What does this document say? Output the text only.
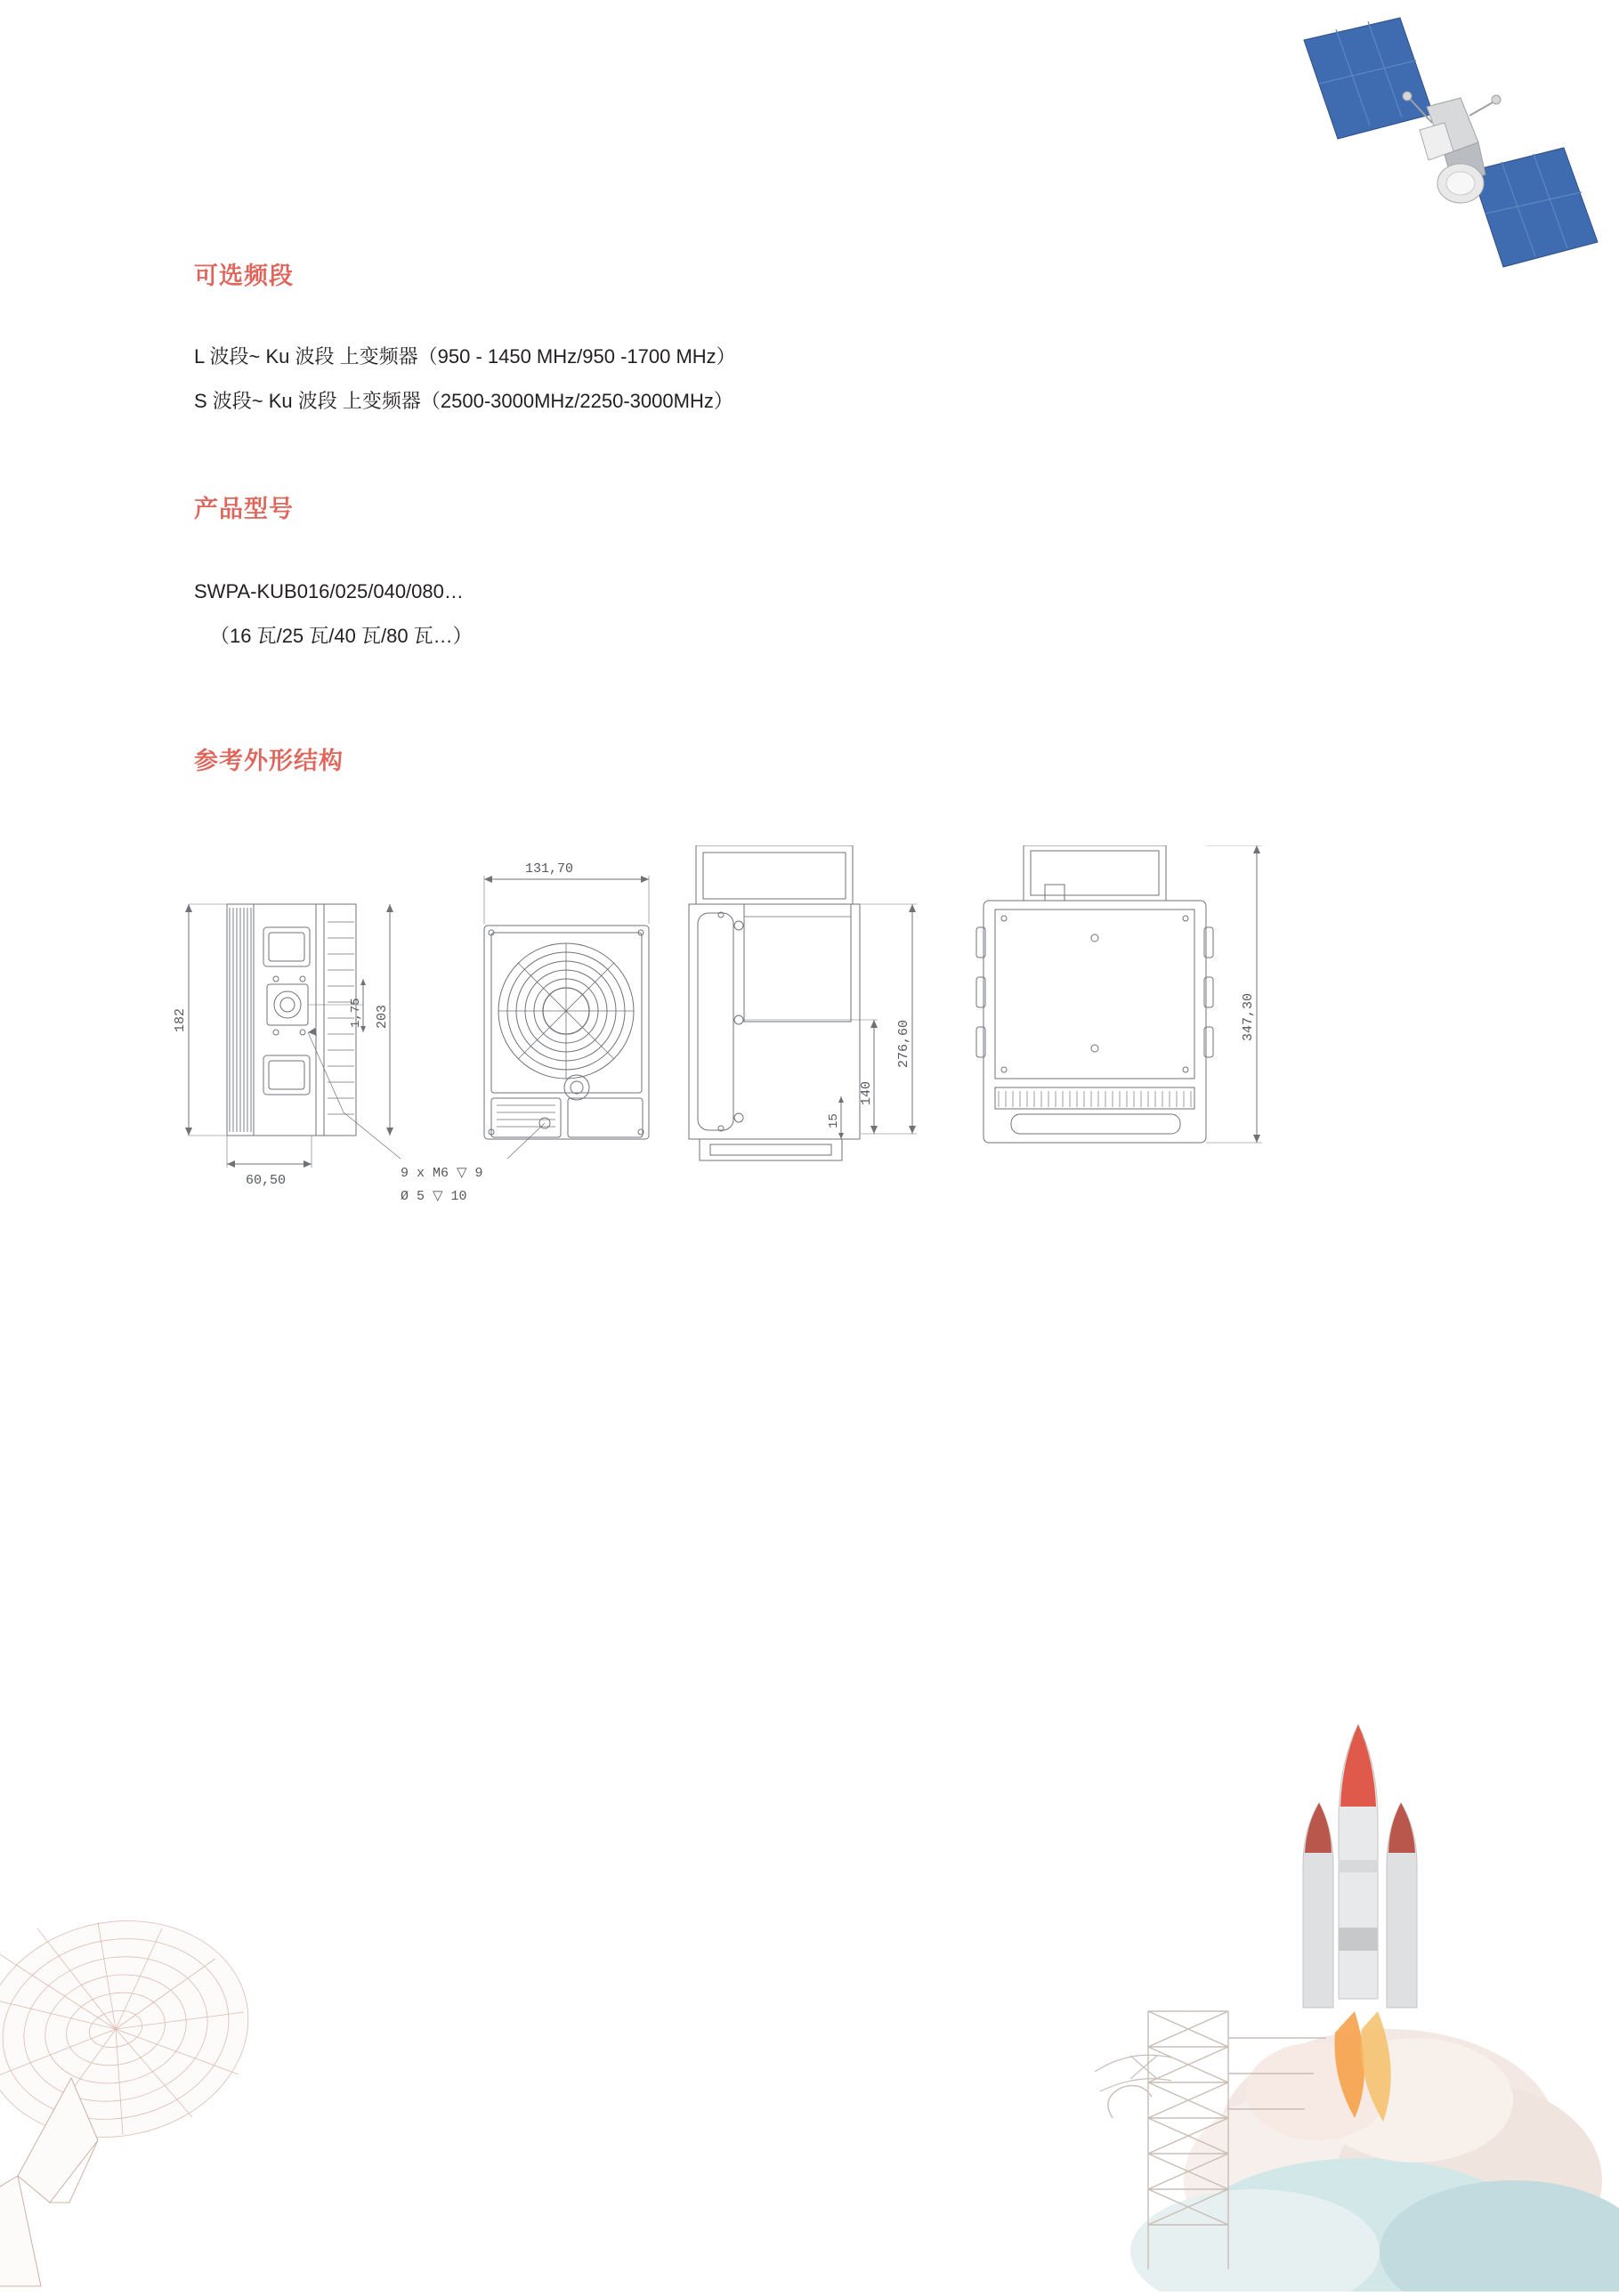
可选频段
L 波段~ Ku 波段 上变频器（950 - 1450 MHz/950 -1700 MHz）
S 波段~ Ku 波段 上变频器（2500-3000MHz/2250-3000MHz）
产品型号
SWPA-KUB016/025/040/080…
（16 瓦/25 瓦/40 瓦/80 瓦…）
参考外形结构
182	203
1,75
60,50	9 x M6 ▽ 9
Ø 5 ▽ 10
131,70
276,60
140
15
347,30
